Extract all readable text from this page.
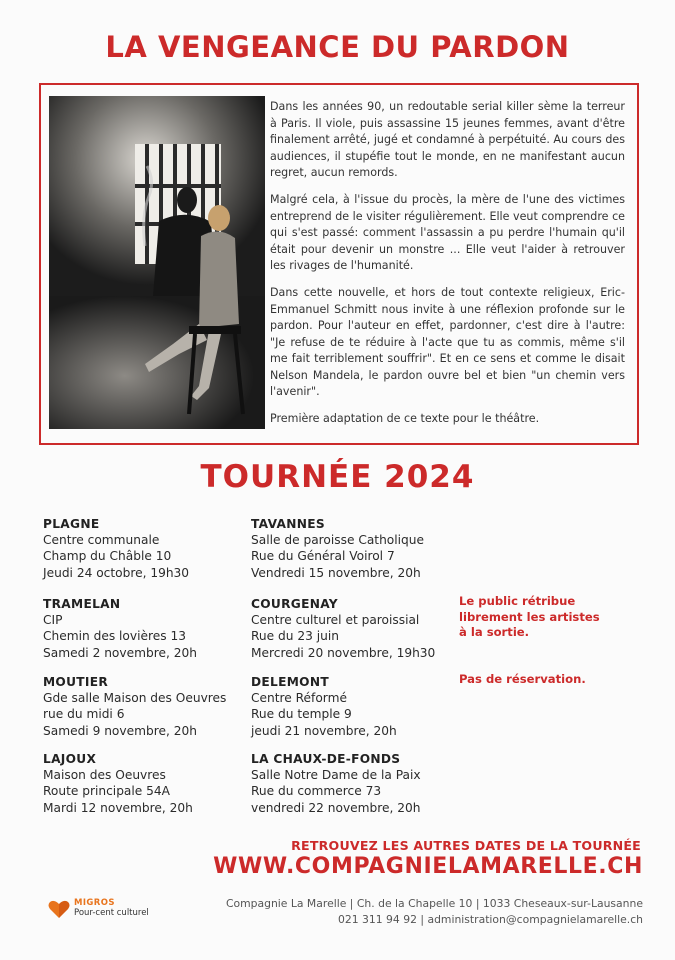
LA VENGEANCE DU PARDON

Dans les années 90, un redoutable serial killer sème la terreur à Paris. Il viole, puis assassine 15 jeunes femmes, avant d'être finalement arrêté, jugé et condamné à perpétuité. Au cours des audiences, il stupéfie tout le monde, en ne manifestant aucun regret, aucun remords.

Malgré cela, à l'issue du procès, la mère de l'une des victimes entreprend de le visiter régulièrement. Elle veut comprendre ce qui s'est passé: comment l'assassin a pu perdre l'humain qu'il était pour devenir un monstre ... Elle veut l'aider à retrouver les rivages de l'humanité.

Dans cette nouvelle, et hors de tout contexte religieux, Eric-Emmanuel Schmitt nous invite à une réflexion profonde sur le pardon. Pour l'auteur en effet, pardonner, c'est dire à l'autre: "Je refuse de te réduire à l'acte que tu as commis, même s'il me fait terriblement souffrir". Et en ce sens et comme le disait Nelson Mandela, le pardon ouvre bel et bien "un chemin vers l'avenir".

Première adaptation de ce texte pour le théâtre.

TOURNÉE 2024
PLAGNE
Centre communale
Champ du Châble 10
Jeudi 24 octobre, 19h30
TRAMELAN
CIP
Chemin des lovières 13
Samedi 2 novembre, 20h
MOUTIER
Gde salle Maison des Oeuvres
rue du midi 6
Samedi 9 novembre, 20h
LAJOUX
Maison des Oeuvres
Route principale 54A
Mardi 12 novembre, 20h
TAVANNES
Salle de paroisse Catholique
Rue du Général Voirol 7
Vendredi 15 novembre, 20h
COURGENAY
Centre culturel et paroissial
Rue du 23 juin
Mercredi 20 novembre, 19h30
DELEMONT
Centre Réformé
Rue du temple 9
jeudi 21 novembre, 20h
LA CHAUX-DE-FONDS
Salle Notre Dame de la Paix
Rue du commerce 73
vendredi 22 novembre, 20h
Le public rétribue
librement les artistes
à la sortie.
Pas de réservation.
RETROUVEZ LES AUTRES DATES DE LA TOURNÉE
WWW.COMPAGNIELAMARELLE.CH
MIGROS
Pour-cent culturel
Compagnie La Marelle | Ch. de la Chapelle 10 | 1033 Cheseaux-sur-Lausanne
021 311 94 92 | administration@compagnielamarelle.ch
